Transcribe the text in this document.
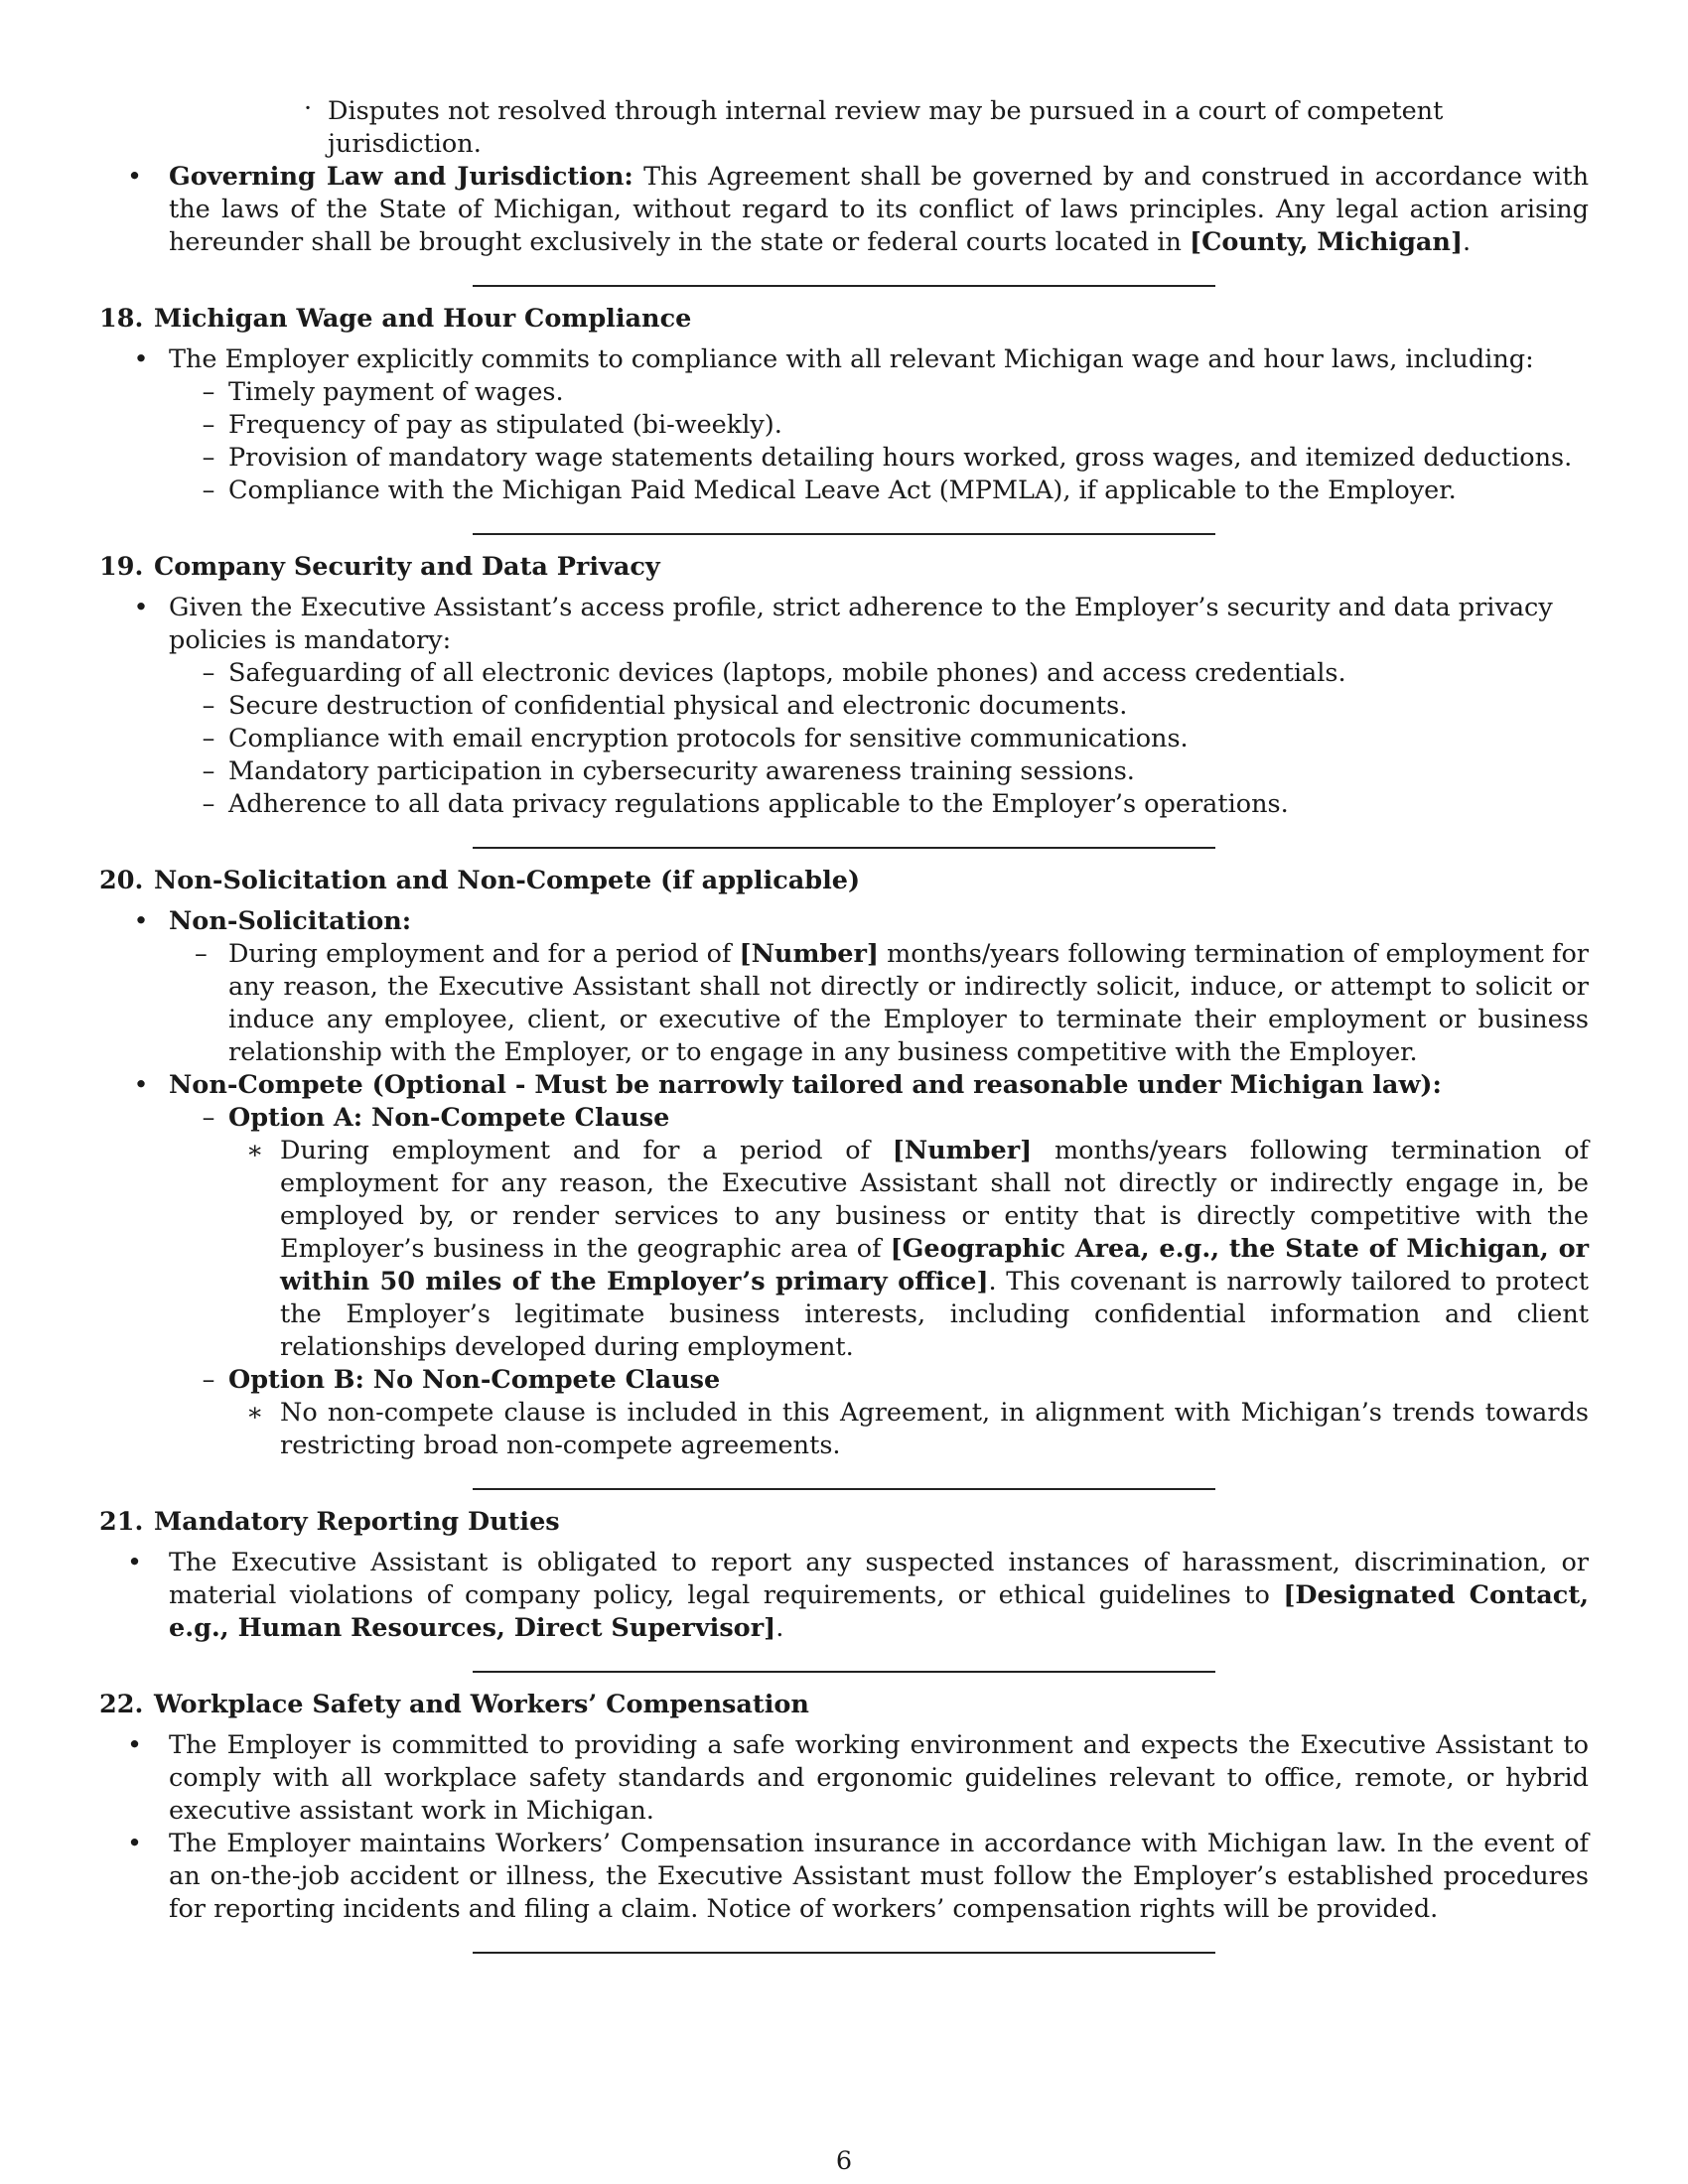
· Disputes not resolved through internal review may be pursued in a court of competent jurisdiction.
•	Governing Law and Jurisdiction: This Agreement shall be governed by and construed in accordance with the laws of the State of Michigan, without regard to its conflict of laws principles. Any legal action arising hereunder shall be brought exclusively in the state or federal courts located in [County, Michigan].
18. Michigan Wage and Hour Compliance
• The Employer explicitly commits to compliance with all relevant Michigan wage and hour laws, including:
– Timely payment of wages.
– Frequency of pay as stipulated (bi-weekly).
– Provision of mandatory wage statements detailing hours worked, gross wages, and itemized deductions.
– Compliance with the Michigan Paid Medical Leave Act (MPMLA), if applicable to the Employer.
19. Company Security and Data Privacy
• Given the Executive Assistant’s access profile, strict adherence to the Employer’s security and data privacy policies is mandatory:
– Safeguarding of all electronic devices (laptops, mobile phones) and access credentials.
– Secure destruction of confidential physical and electronic documents.
– Compliance with email encryption protocols for sensitive communications.
– Mandatory participation in cybersecurity awareness training sessions.
– Adherence to all data privacy regulations applicable to the Employer’s operations.
20. Non-Solicitation and Non-Compete (if applicable)
• Non-Solicitation:
– During employment and for a period of [Number] months/years following termination of employment for any reason, the Executive Assistant shall not directly or indirectly solicit, induce, or attempt to solicit or induce any employee, client, or executive of the Employer to terminate their employment or business relationship with the Employer, or to engage in any business competitive with the Employer.
• Non-Compete (Optional - Must be narrowly tailored and reasonable under Michigan law):
– Option A: Non-Compete Clause
∗ During employment and for a period of [Number] months/years following termination of employment for any reason, the Executive Assistant shall not directly or indirectly engage in, be employed by, or render services to any business or entity that is directly competitive with the Employer’s business in the geographic area of [Geographic Area, e.g., the State of Michigan, or within 50 miles of the Employer’s primary office]. This covenant is narrowly tailored to protect the Employer’s legitimate business interests, including confidential information and client relationships developed during employment.
– Option B: No Non-Compete Clause
∗ No non-compete clause is included in this Agreement, in alignment with Michigan’s trends towards restricting broad non-compete agreements.
21. Mandatory Reporting Duties
•	The Executive Assistant is obligated to report any suspected instances of harassment, discrimination, or material violations of company policy, legal requirements, or ethical guidelines to [Designated Contact, e.g., Human Resources, Direct Supervisor].
22. Workplace Safety and Workers’ Compensation
•	The Employer is committed to providing a safe working environment and expects the Executive Assistant to comply with all workplace safety standards and ergonomic guidelines relevant to office, remote, or hybrid executive assistant work in Michigan.
•	The Employer maintains Workers’ Compensation insurance in accordance with Michigan law. In the event of an on-the-job accident or illness, the Executive Assistant must follow the Employer’s established procedures for reporting incidents and filing a claim. Notice of workers’ compensation rights will be provided.
6
